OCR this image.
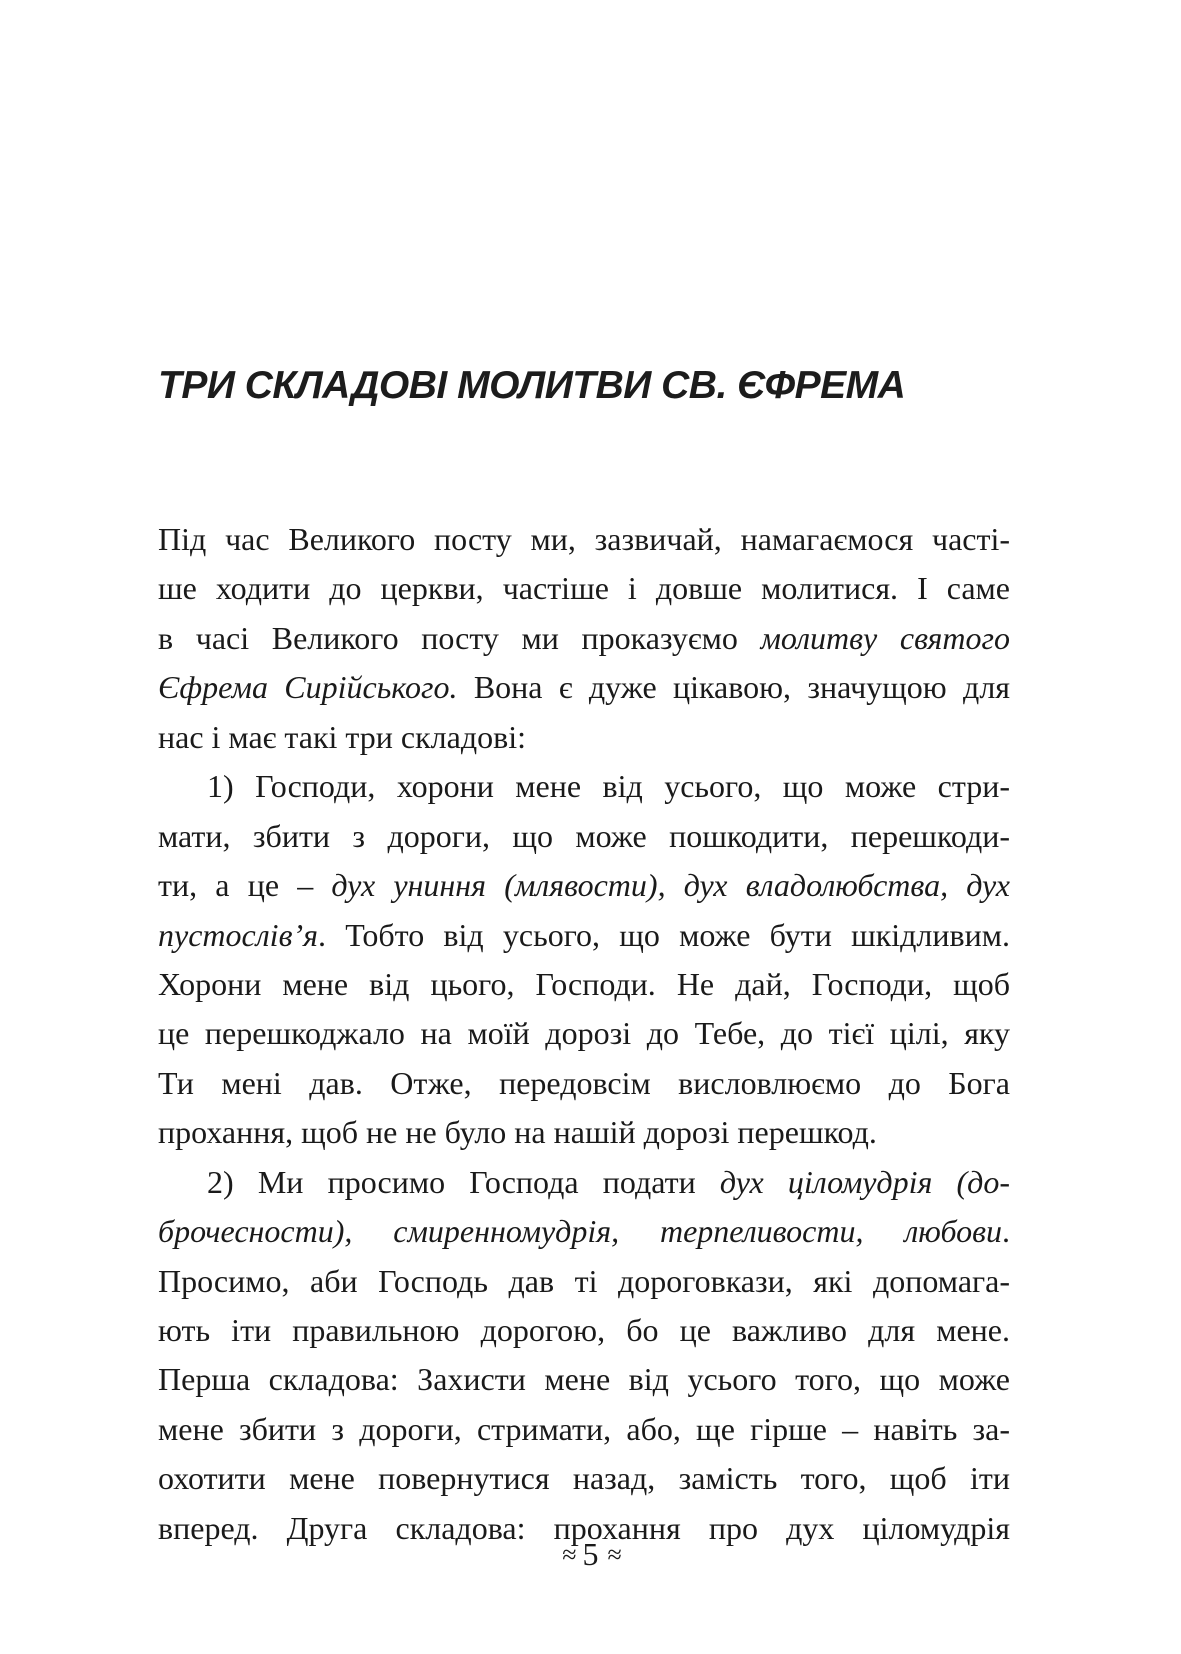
ТРИ СКЛАДОВІ МОЛИТВИ СВ. ЄФРЕМА
Під час Великого посту ми, зазвичай, намагаємося часті-
ше ходити до церкви, частіше і довше молитися. І саме
в часі Великого посту ми проказуємо молитву святого
Єфрема Сирійського. Вона є дуже цікавою, значущою для
нас і має такі три складові:
1) Господи, хорони мене від усього, що може стри-
мати, збити з дороги, що може пошкодити, перешкоди-
ти, а це – дух униння (млявости), дух владолюбства, дух
пустослів’я. Тобто від усього, що може бути шкідливим.
Хорони мене від цього, Господи. Не дай, Господи, щоб
це перешкоджало на моїй дорозі до Тебе, до тієї цілі, яку
Ти мені дав. Отже, передовсім висловлюємо до Бога
прохання, щоб не не було на нашій дорозі перешкод.
2) Ми просимо Господа подати дух цiломудрія (до-
брочесности), смиренномудрія, терпеливости, любови.
Просимо, аби Господь дав ті дороговкази, які допомага-
ють іти правильною дорогою, бо це важливо для мене.
Перша складова: Захисти мене від усього того, що може
мене збити з дороги, стримати, або, ще гірше – навіть за-
охотити мене повернутися назад, замість того, щоб іти
вперед. Друга складова: прохання про дух цiломудрія
≈ 5 ≈
